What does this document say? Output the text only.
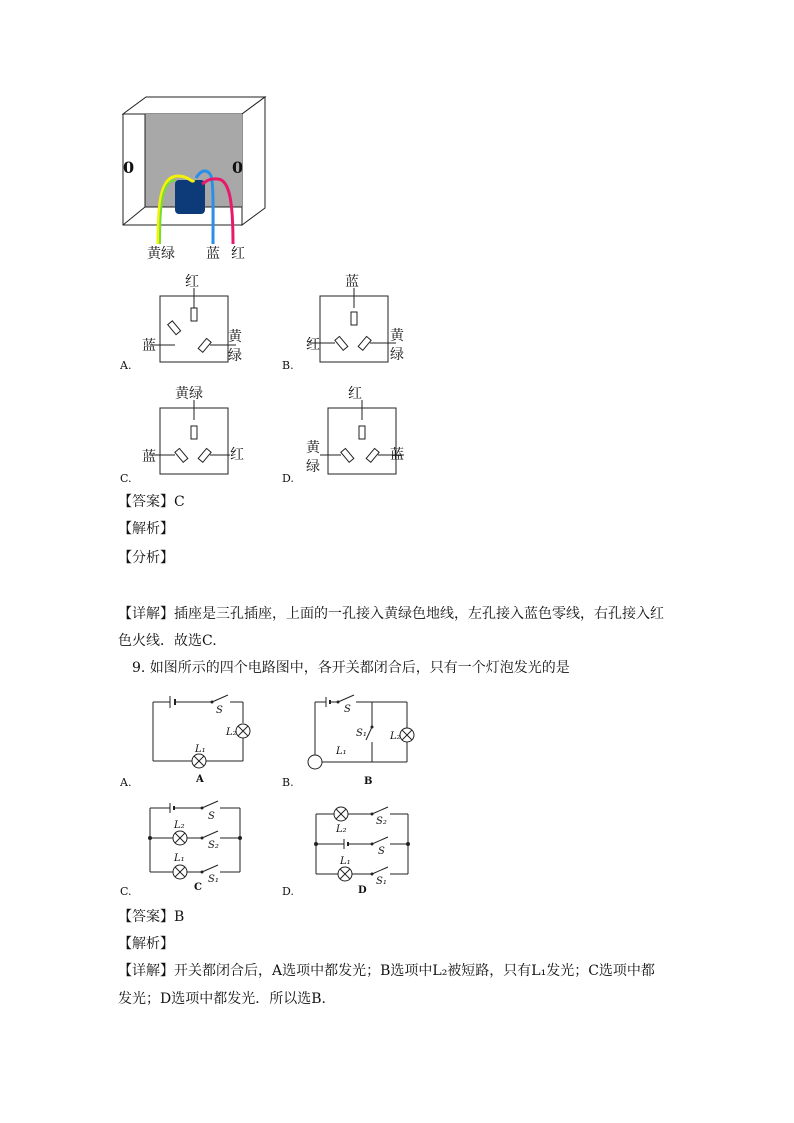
0	0
黄绿 蓝 红
A.
红
蓝
黄
绿
B.
蓝
红
黄
绿
C.
黄绿
蓝	红
D.
红
黄
绿
蓝
【答案】C
【解析】
【分析】
【详解】插座是三孔插座，上面的一孔接入黄绿色地线，左孔接入蓝色零线，右孔接入红
色火线．故选C.
9. 如图所示的四个电路图中，各开关都闭合后，只有一个灯泡发光的是
S
L₂
L₁
A
A.
S
S₁ L₂
L₁
B
B.
S
L₂
S₂
L₁
S₁
C
C.
L₂
S₂
S
L₁
S₁
D
D.
【答案】B
【解析】
【详解】开关都闭合后，A选项中都发光；B选项中L₂被短路，只有L₁发光；C选项中都
发光；D选项中都发光．所以选B.
